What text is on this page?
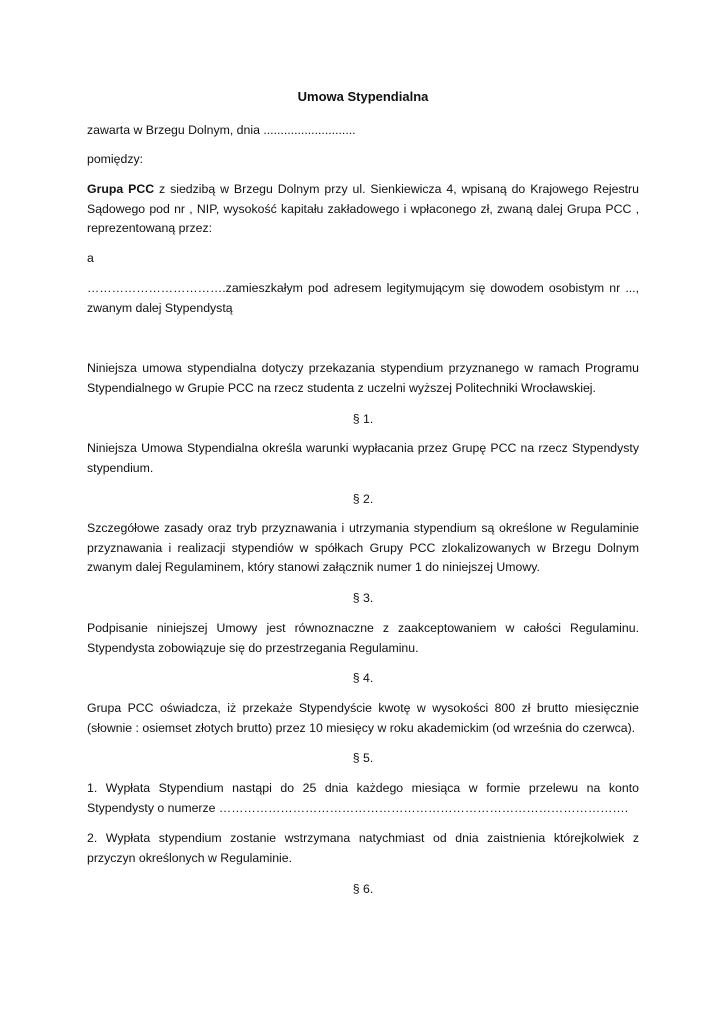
Umowa Stypendialna

zawarta w Brzegu Dolnym, dnia ...........................

pomiędzy:

Grupa PCC z siedzibą w Brzegu Dolnym przy ul. Sienkiewicza 4, wpisaną do Krajowego Rejestru
Sądowego pod nr , NIP, wysokość kapitału zakładowego i wpłaconego zł, zwaną dalej Grupa PCC ,
reprezentowaną przez:

a

…………………………….zamieszkałym pod adresem legitymującym się dowodem osobistym nr ...,
zwanym dalej Stypendystą
Niniejsza umowa stypendialna dotyczy przekazania stypendium przyznanego w ramach Programu
Stypendialnego w Grupie PCC na rzecz studenta z uczelni wyższej Politechniki Wrocławskiej.

§ 1.

Niniejsza Umowa Stypendialna określa warunki wypłacania przez Grupę PCC na rzecz Stypendysty
stypendium.

§ 2.

Szczegółowe zasady oraz tryb przyznawania i utrzymania stypendium są określone w Regulaminie
przyznawania i realizacji stypendiów w spółkach Grupy PCC zlokalizowanych w Brzegu Dolnym
zwanym dalej Regulaminem, który stanowi załącznik numer 1 do niniejszej Umowy.

§ 3.

Podpisanie niniejszej Umowy jest równoznaczne z zaakceptowaniem w całości Regulaminu.
Stypendysta zobowiązuje się do przestrzegania Regulaminu.

§ 4.

Grupa PCC oświadcza, iż przekaże Stypendyście kwotę w wysokości 800 zł brutto miesięcznie
(słownie : osiemset złotych brutto) przez 10 miesięcy w roku akademickim (od września do czerwca).

§ 5.

1. Wypłata Stypendium nastąpi do 25 dnia każdego miesiąca w formie przelewu na konto
Stypendysty o numerze ……………………………………………………………………………………….
2. Wypłata stypendium zostanie wstrzymana natychmiast od dnia zaistnienia którejkolwiek z
przyczyn określonych w Regulaminie.

§ 6.
